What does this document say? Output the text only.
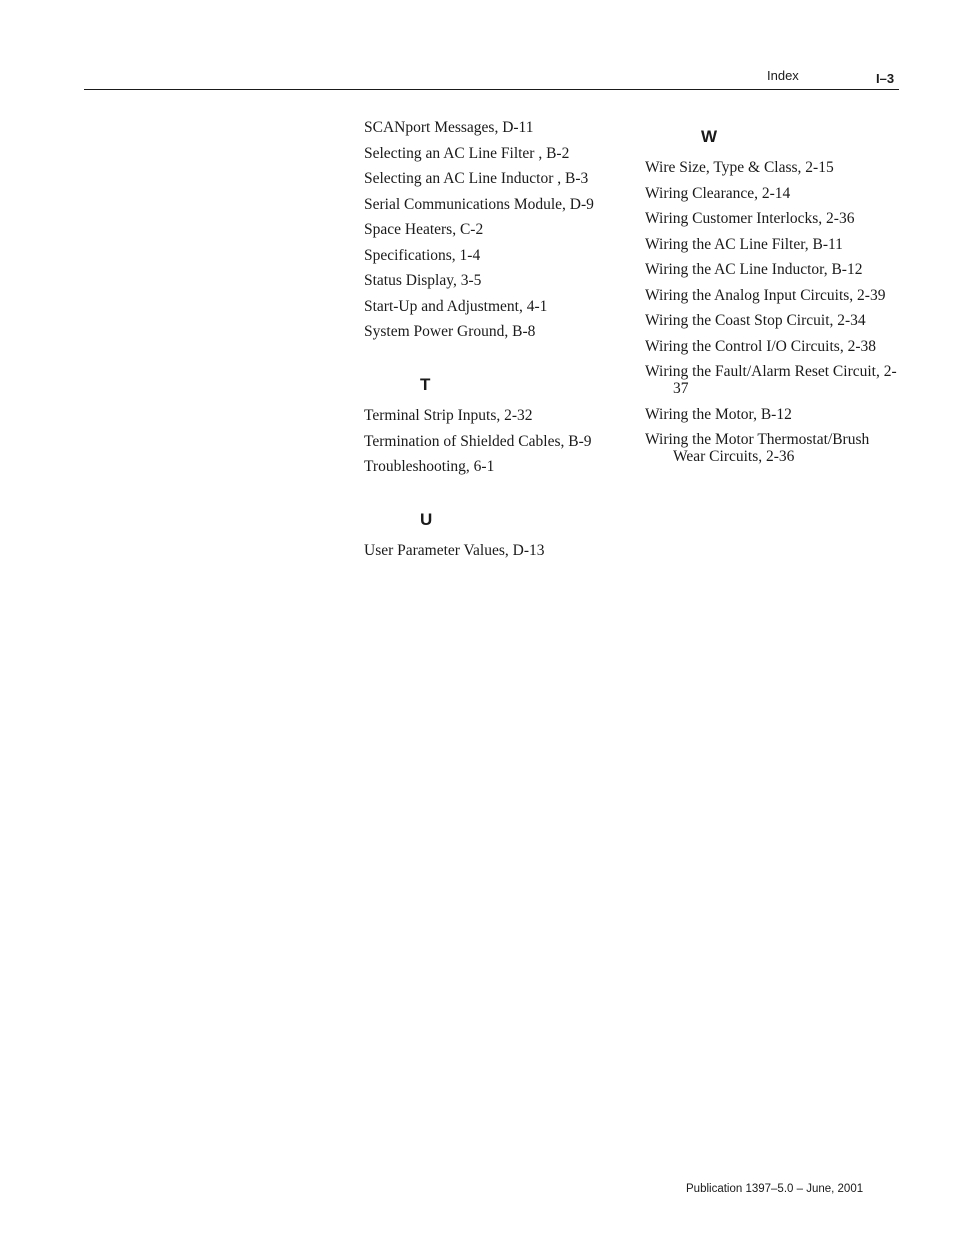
Index	I–3
SCANport Messages, D-11
Selecting an AC Line Filter , B-2
Selecting an AC Line Inductor , B-3
Serial Communications Module, D-9
Space Heaters, C-2
Specifications, 1-4
Status Display, 3-5
Start-Up and Adjustment, 4-1
System Power Ground, B-8
T
Terminal Strip Inputs, 2-32
Termination of Shielded Cables, B-9
Troubleshooting, 6-1
U
User Parameter Values, D-13
W
Wire Size, Type & Class, 2-15
Wiring Clearance, 2-14
Wiring Customer Interlocks, 2-36
Wiring the AC Line Filter, B-11
Wiring the AC Line Inductor, B-12
Wiring the Analog Input Circuits, 2-39
Wiring the Coast Stop Circuit, 2-34
Wiring the Control I/O Circuits, 2-38
Wiring the Fault/Alarm Reset Circuit, 2-37
Wiring the Motor, B-12
Wiring the Motor Thermostat/Brush Wear Circuits, 2-36
Publication 1397–5.0 – June, 2001
